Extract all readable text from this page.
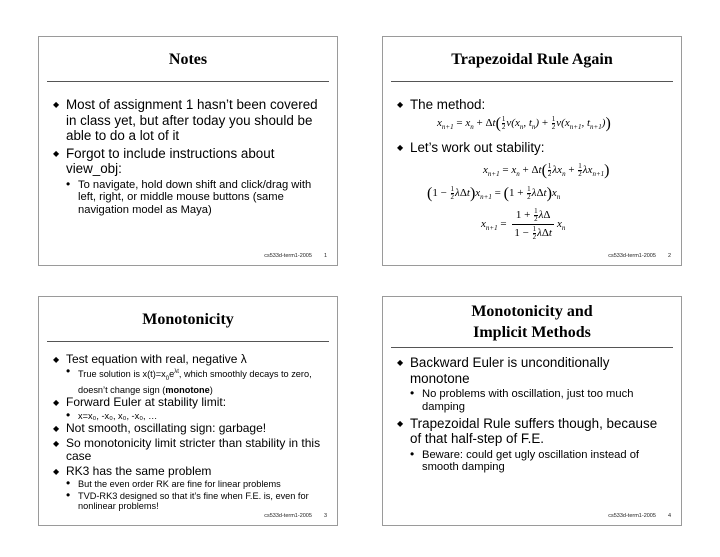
Notes
◆ Most of assignment 1 hasn’t been covered in class yet, but after today you should be able to do a lot of it
◆ Forgot to include instructions about view_obj:
• To navigate, hold down shift and click/drag with left, right, or middle mouse buttons (same navigation model as Maya)
cs533d-term1-2005 1
Trapezoidal Rule Again
◆ The method:
$x_{n+1} = x_n + \Delta t( \frac{1}{2} v(x_n$, $t_n) + \frac{1}{2} v(x_{n+1}$, $t_{n+1}$))
◆ Let’s work out stability:
$x_{n+1} = x_n + \Delta t( \frac{1}{2} \lambda x_n + \frac{1}{2} \lambda x_{n+1})$
$(1 - \frac{1}{2} \lambda\Delta t)x_{n+1} = (1 + \frac{1}{2} \lambda\Delta t)x_n$
$x_{n+1}$ =
$1 + \frac{1}{2}$ λΔ
$1 - \frac{1}{2}$ λΔt
$x_n$
cs533d-term1-2005 2
Monotonicity
◆ Test equation with real, negative λ
• True solution is $x(t)=x_0e^{\lambda t}$, which smoothly decays to zero, doesn’t change sign (monotone)
◆ Forward Euler at stability limit:
• x=x₀, -x₀, x₀, -x₀, …
◆ Not smooth, oscillating sign: garbage!
◆ So monotonicity limit stricter than stability in this case
◆ RK3 has the same problem
• But the even order RK are fine for linear problems
• TVD-RK3 designed so that it’s fine when F.E. is, even for nonlinear problems!
cs533d-term1-2005 3
Monotonicity and
Implicit Methods
◆ Backward Euler is unconditionally monotone
• No problems with oscillation, just too much damping
◆ Trapezoidal Rule suffers though, because of that half-step of F.E.
• Beware: could get ugly oscillation instead of smooth damping
cs533d-term1-2005 4
